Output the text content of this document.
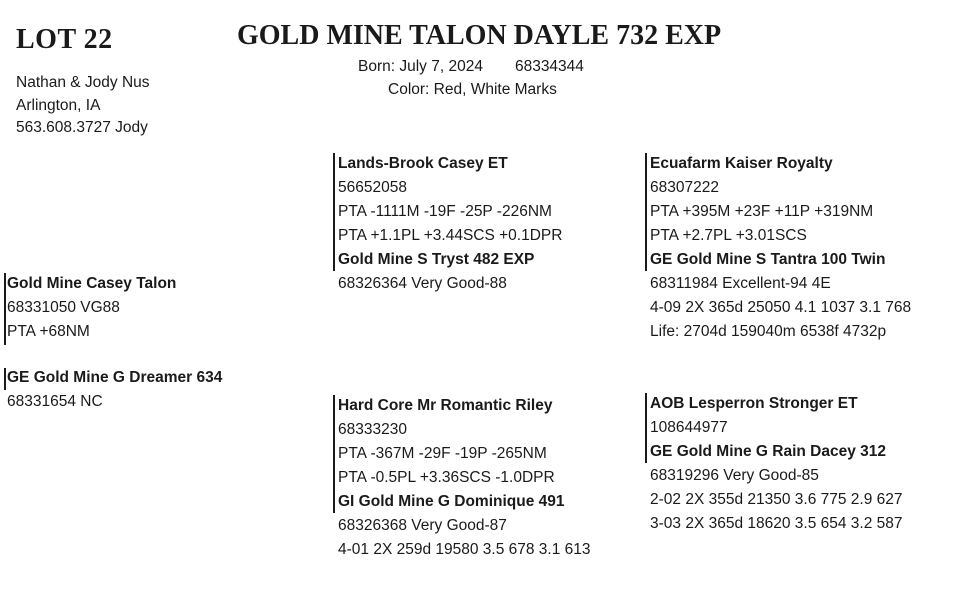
LOT 22
Nathan & Jody Nus
Arlington, IA
563.608.3727 Jody
GOLD MINE TALON DAYLE 732 EXP
Born: July 7, 2024 68334344
Color: Red, White Marks
Gold Mine Casey Talon
68331050 VG88
PTA +68NM
GE Gold Mine G Dreamer 634
68331654 NC
Lands-Brook Casey ET
56652058
PTA -1111M -19F -25P -226NM
PTA +1.1PL +3.44SCS +0.1DPR
Gold Mine S Tryst 482 EXP
68326364 Very Good-88
Hard Core Mr Romantic Riley
68333230
PTA -367M -29F -19P -265NM
PTA -0.5PL +3.36SCS -1.0DPR
GI Gold Mine G Dominique 491
68326368 Very Good-87
4-01 2X 259d 19580 3.5 678 3.1 613
Ecuafarm Kaiser Royalty
68307222
PTA +395M +23F +11P +319NM
PTA +2.7PL +3.01SCS
GE Gold Mine S Tantra 100 Twin
68311984 Excellent-94 4E
4-09 2X 365d 25050 4.1 1037 3.1 768
Life: 2704d 159040m 6538f 4732p
AOB Lesperron Stronger ET
108644977
GE Gold Mine G Rain Dacey 312
68319296 Very Good-85
2-02 2X 355d 21350 3.6 775 2.9 627
3-03 2X 365d 18620 3.5 654 3.2 587
